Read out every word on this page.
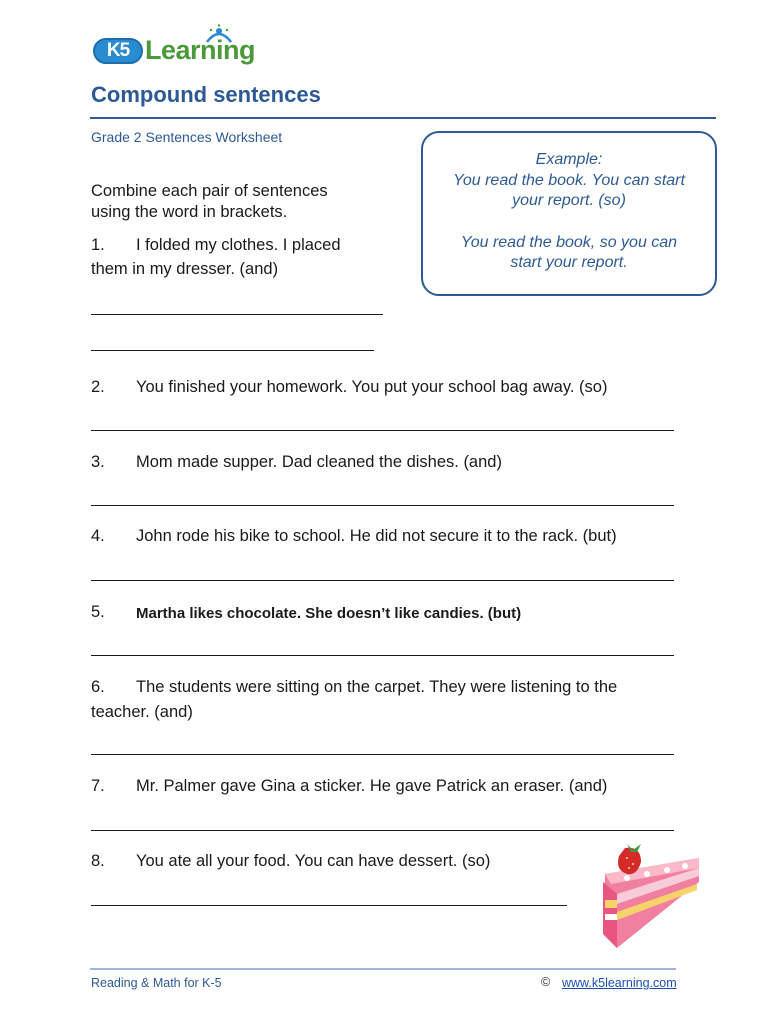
K5 Learning
Compound sentences
Grade 2 Sentences Worksheet
Example:
You read the book. You can start
your report. (so)
You read the book, so you can
start your report.
Combine each pair of sentences
using the word in brackets.
1. I folded my clothes. I placed
them in my dresser. (and)
2. You finished your homework. You put your school bag away. (so)
3. Mom made supper. Dad cleaned the dishes. (and)
4. John rode his bike to school. He did not secure it to the rack. (but)
5. Martha likes chocolate. She doesn’t like candies. (but)
6. The students were sitting on the carpet. They were listening to the
teacher. (and)
7. Mr. Palmer gave Gina a sticker. He gave Patrick an eraser. (and)
8. You ate all your food. You can have dessert. (so)
Reading & Math for K-5	© www.k5learning.com
